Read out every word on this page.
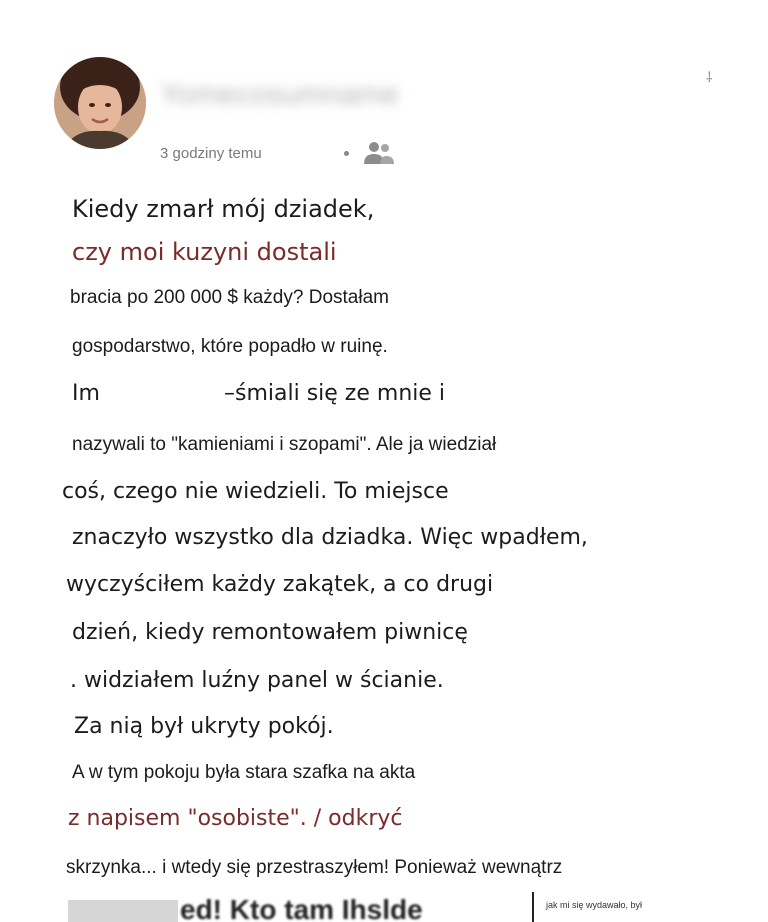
Yomecosumname	⸸
3 godziny temu
Kiedy zmarł mój dziadek,
czy moi kuzyni dostali
bracia po 200 000 $ każdy? Dostałam
gospodarstwo, które popadło w ruinę.
Im	–śmiali się ze mnie i
nazywali to "kamieniami i szopami". Ale ja wiedział
coś, czego nie wiedzieli. To miejsce
znaczyło wszystko dla dziadka. Więc wpadłem,
wyczyściłem każdy zakątek, a co drugi
dzień, kiedy remontowałem piwnicę
. widziałem luźny panel w ścianie.
Za nią był ukryty pokój.
A w tym pokoju była stara szafka na akta
z napisem "osobiste". / odkryć
skrzynka... i wtedy się przestraszyłem! Ponieważ wewnątrz
ed! Kto tam Ihslde	jak mi się wydawało, był
